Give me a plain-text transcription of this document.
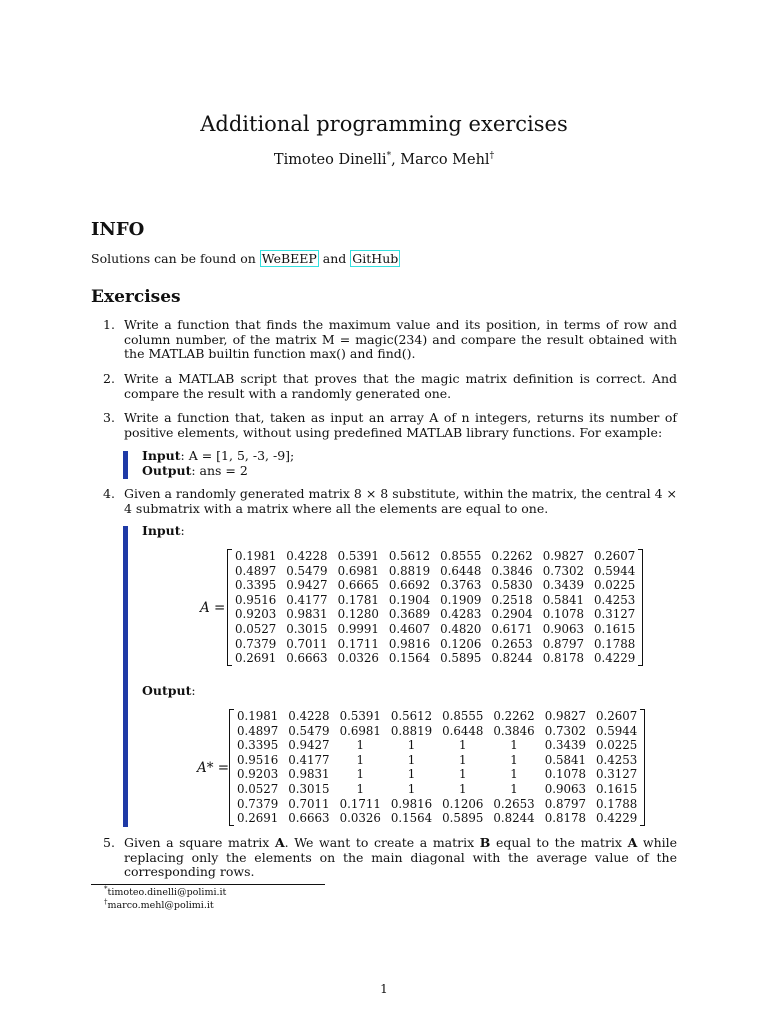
Additional programming exercises
Timoteo Dinelli*, Marco Mehl†
INFO
Solutions can be found on WeBEEP and GitHub
Exercises
1. Write a function that finds the maximum value and its position, in terms of row and column number, of the matrix M = magic(234) and compare the result obtained with the MATLAB builtin function max() and find().
2. Write a MATLAB script that proves that the magic matrix definition is correct. And compare the result with a randomly generated one.
3. Write a function that, taken as input an array A of n integers, returns its number of positive elements, without using predefined MATLAB library functions. For example:
Input: A = [1, 5, -3, -9];
Output: ans = 2
4. Given a randomly generated matrix 8 × 8 substitute, within the matrix, the central 4 × 4 submatrix with a matrix where all the elements are equal to one.
Input:
A =
0.1981	0.4228	0.5391	0.5612	0.8555	0.2262	0.9827	0.2607
0.4897	0.5479	0.6981	0.8819	0.6448	0.3846	0.7302	0.5944
0.3395	0.9427	0.6665	0.6692	0.3763	0.5830	0.3439	0.0225
0.9516	0.4177	0.1781	0.1904	0.1909	0.2518	0.5841	0.4253
0.9203	0.9831	0.1280	0.3689	0.4283	0.2904	0.1078	0.3127
0.0527	0.3015	0.9991	0.4607	0.4820	0.6171	0.9063	0.1615
0.7379	0.7011	0.1711	0.9816	0.1206	0.2653	0.8797	0.1788
0.2691	0.6663	0.0326	0.1564	0.5895	0.8244	0.8178	0.4229
Output:
A* =
0.1981	0.4228	0.5391	0.5612	0.8555	0.2262	0.9827	0.2607
0.4897	0.5479	0.6981	0.8819	0.6448	0.3846	0.7302	0.5944
0.3395	0.9427	1	1	1	1	0.3439	0.0225
0.9516	0.4177	1	1	1	1	0.5841	0.4253
0.9203	0.9831	1	1	1	1	0.1078	0.3127
0.0527	0.3015	1	1	1	1	0.9063	0.1615
0.7379	0.7011	0.1711	0.9816	0.1206	0.2653	0.8797	0.1788
0.2691	0.6663	0.0326	0.1564	0.5895	0.8244	0.8178	0.4229
5. Given a square matrix A. We want to create a matrix B equal to the matrix A while replacing only the elements on the main diagonal with the average value of the corresponding rows.
*timoteo.dinelli@polimi.it
†marco.mehl@polimi.it
1
